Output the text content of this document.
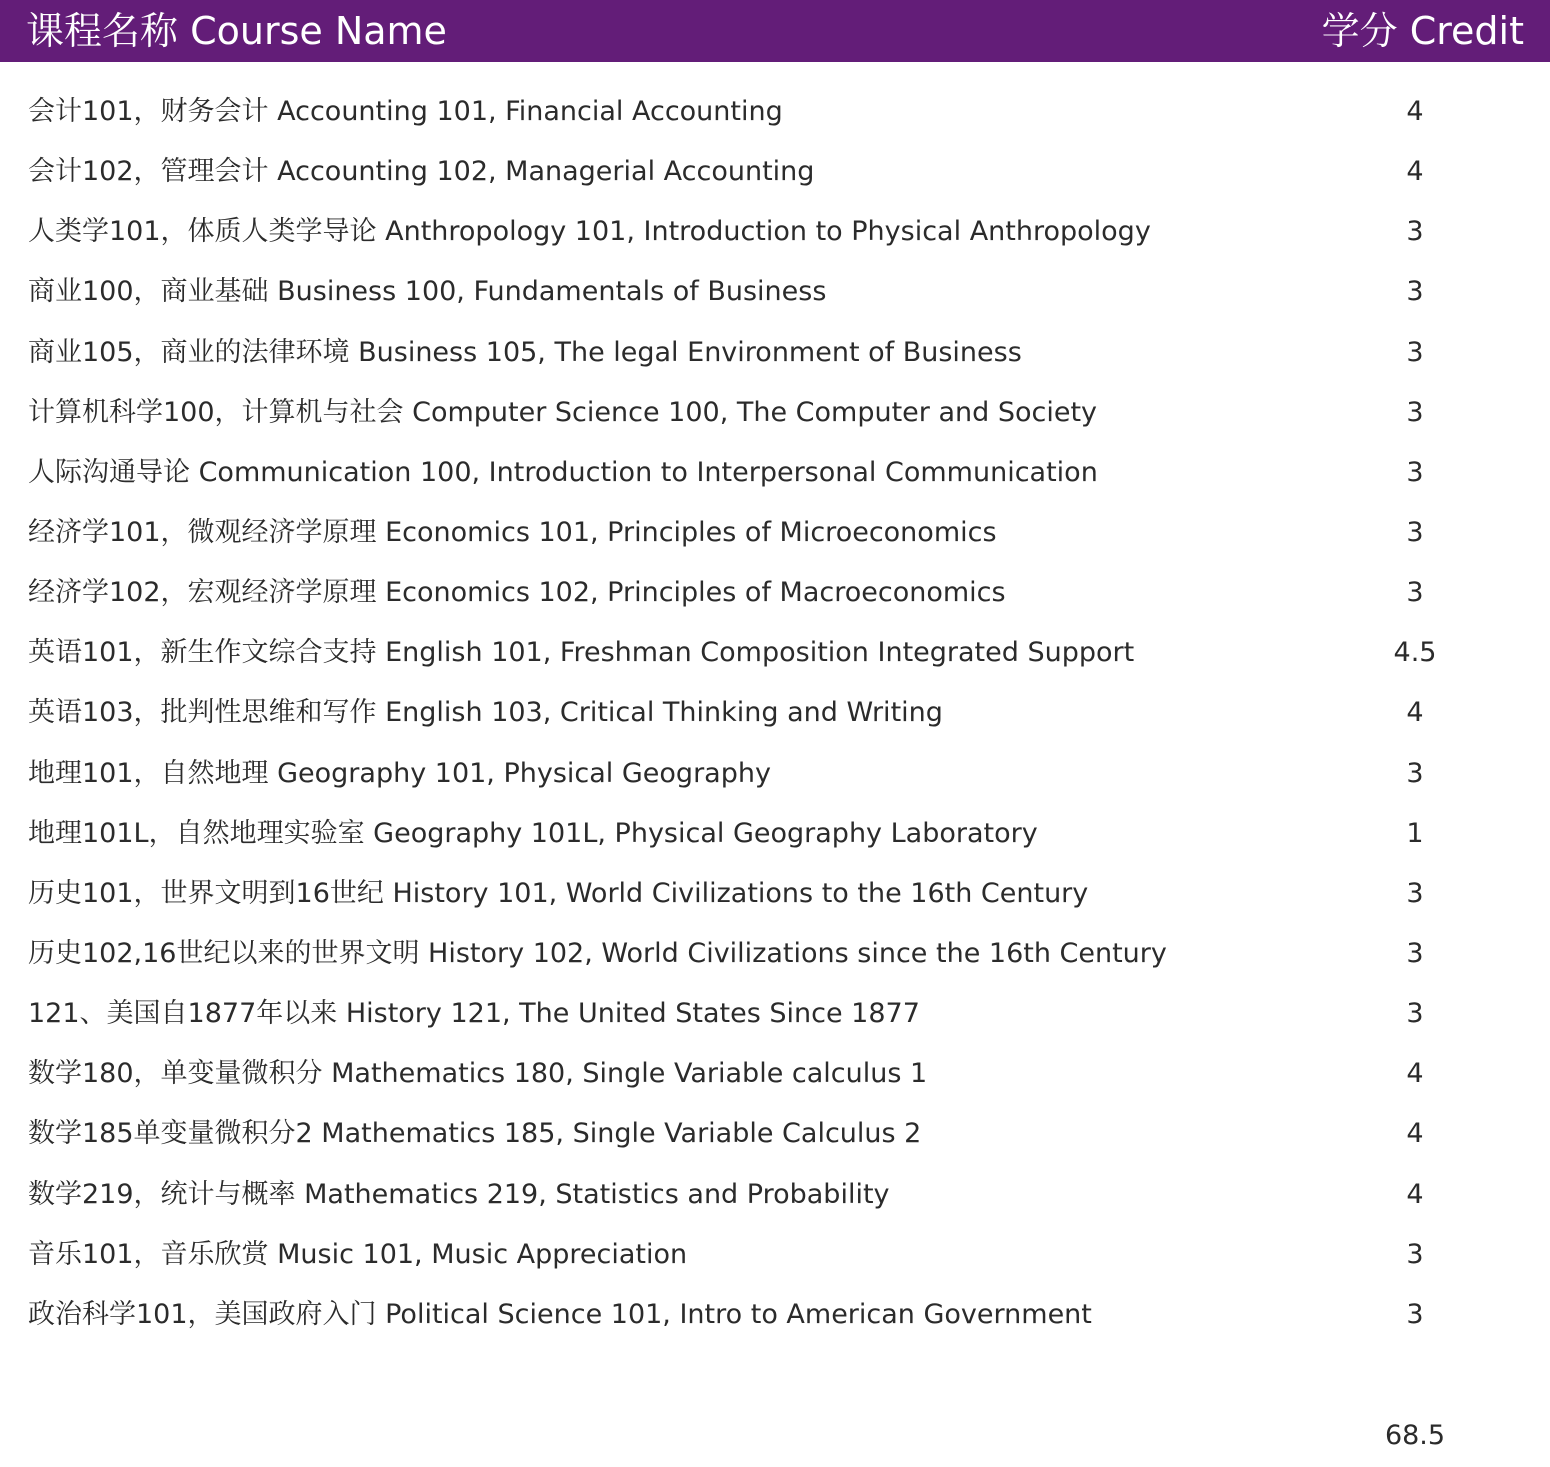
课程名称 Course Name	学分 Credit
会计101，财务会计 Accounting 101, Financial Accounting	4
会计102，管理会计 Accounting 102, Managerial Accounting	4
人类学101，体质人类学导论 Anthropology 101, Introduction to Physical Anthropology	3
商业100，商业基础 Business 100, Fundamentals of Business	3
商业105，商业的法律环境 Business 105, The legal Environment of Business	3
计算机科学100，计算机与社会 Computer Science 100, The Computer and Society	3
人际沟通导论 Communication 100, Introduction to Interpersonal Communication	3
经济学101，微观经济学原理 Economics 101, Principles of Microeconomics	3
经济学102，宏观经济学原理 Economics 102, Principles of Macroeconomics	3
英语101，新生作文综合支持 English 101, Freshman Composition Integrated Support	4.5
英语103，批判性思维和写作 English 103, Critical Thinking and Writing	4
地理101，自然地理 Geography 101, Physical Geography	3
地理101L，自然地理实验室 Geography 101L, Physical Geography Laboratory	1
历史101，世界文明到16世纪 History 101, World Civilizations to the 16th Century	3
历史102,16世纪以来的世界文明 History 102, World Civilizations since the 16th Century	3
121、美国自1877年以来 History 121, The United States Since 1877	3
数学180，单变量微积分 Mathematics 180, Single Variable calculus 1	4
数学185单变量微积分2 Mathematics 185, Single Variable Calculus 2	4
数学219，统计与概率 Mathematics 219, Statistics and Probability	4
音乐101，音乐欣赏 Music 101, Music Appreciation	3
政治科学101，美国政府入门 Political Science 101, Intro to American Government	3
68.5
